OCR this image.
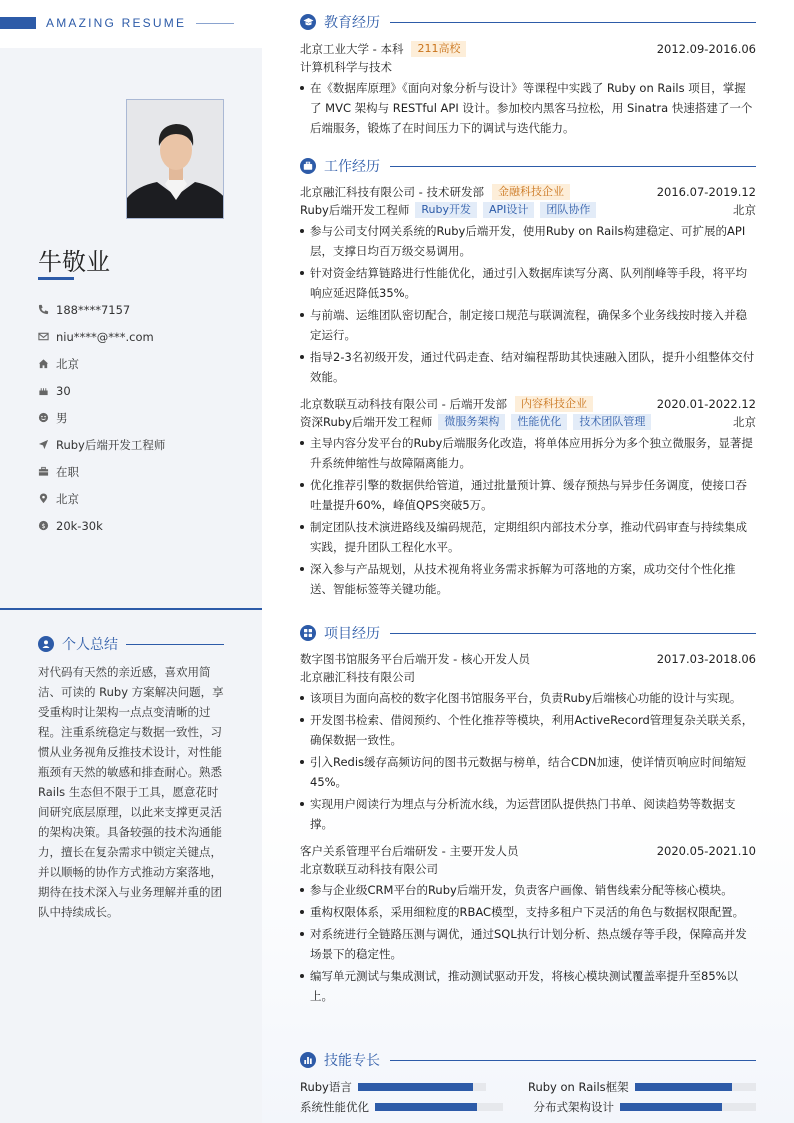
AMAZING RESUME
牛敬业
188****7157
niu****@***.com
北京
30
男
Ruby后端开发工程师
在职
北京
$ 20k-30k
个人总结
对代码有天然的亲近感，喜欢用简洁、可读的 Ruby 方案解决问题，享受重构时让架构一点点变清晰的过程。注重系统稳定与数据一致性，习惯从业务视角反推技术设计，对性能瓶颈有天然的敏感和排查耐心。熟悉 Rails 生态但不限于工具，愿意花时间研究底层原理，以此来支撑更灵活的架构决策。具备较强的技术沟通能力，擅长在复杂需求中锁定关键点，并以顺畅的协作方式推动方案落地，期待在技术深入与业务理解并重的团队中持续成长。
教育经历
北京工业大学 - 本科	211高校	2012.09-2016.06
计算机科学与技术
在《数据库原理》《面向对象分析与设计》等课程中实践了 Ruby on Rails 项目，掌握了 MVC 架构与 RESTful API 设计。参加校内黑客马拉松，用 Sinatra 快速搭建了一个后端服务，锻炼了在时间压力下的调试与迭代能力。
工作经历
北京融汇科技有限公司 - 技术研发部	金融科技企业	2016.07-2019.12
Ruby后端开发工程师	Ruby开发	API设计	团队协作	北京
参与公司支付网关系统的Ruby后端开发，使用Ruby on Rails构建稳定、可扩展的API层，支撑日均百万级交易调用。
针对资金结算链路进行性能优化，通过引入数据库读写分离、队列削峰等手段，将平均响应延迟降低35%。
与前端、运维团队密切配合，制定接口规范与联调流程，确保多个业务线按时接入并稳定运行。
指导2-3名初级开发，通过代码走查、结对编程帮助其快速融入团队，提升小组整体交付效能。
北京数联互动科技有限公司 - 后端开发部	内容科技企业	2020.01-2022.12
资深Ruby后端开发工程师	微服务架构	性能优化	技术团队管理	北京
主导内容分发平台的Ruby后端服务化改造，将单体应用拆分为多个独立微服务，显著提升系统伸缩性与故障隔离能力。
优化推荐引擎的数据供给管道，通过批量预计算、缓存预热与异步任务调度，使接口吞吐量提升60%，峰值QPS突破5万。
制定团队技术演进路线及编码规范，定期组织内部技术分享，推动代码审查与持续集成实践，提升团队工程化水平。
深入参与产品规划，从技术视角将业务需求拆解为可落地的方案，成功交付个性化推送、智能标签等关键功能。
项目经历
数字图书馆服务平台后端开发 - 核心开发人员	2017.03-2018.06
北京融汇科技有限公司
该项目为面向高校的数字化图书馆服务平台，负责Ruby后端核心功能的设计与实现。
开发图书检索、借阅预约、个性化推荐等模块，利用ActiveRecord管理复杂关联关系，确保数据一致性。
引入Redis缓存高频访问的图书元数据与榜单，结合CDN加速，使详情页响应时间缩短45%。
实现用户阅读行为埋点与分析流水线，为运营团队提供热门书单、阅读趋势等数据支撑。
客户关系管理平台后端研发 - 主要开发人员	2020.05-2021.10
北京数联互动科技有限公司
参与企业级CRM平台的Ruby后端开发，负责客户画像、销售线索分配等核心模块。
重构权限体系，采用细粒度的RBAC模型，支持多租户下灵活的角色与数据权限配置。
对系统进行全链路压测与调优，通过SQL执行计划分析、热点缓存等手段，保障高并发场景下的稳定性。
编写单元测试与集成测试，推动测试驱动开发，将核心模块测试覆盖率提升至85%以上。
技能专长
Ruby语言	Ruby on Rails框架
系统性能优化	分布式架构设计
